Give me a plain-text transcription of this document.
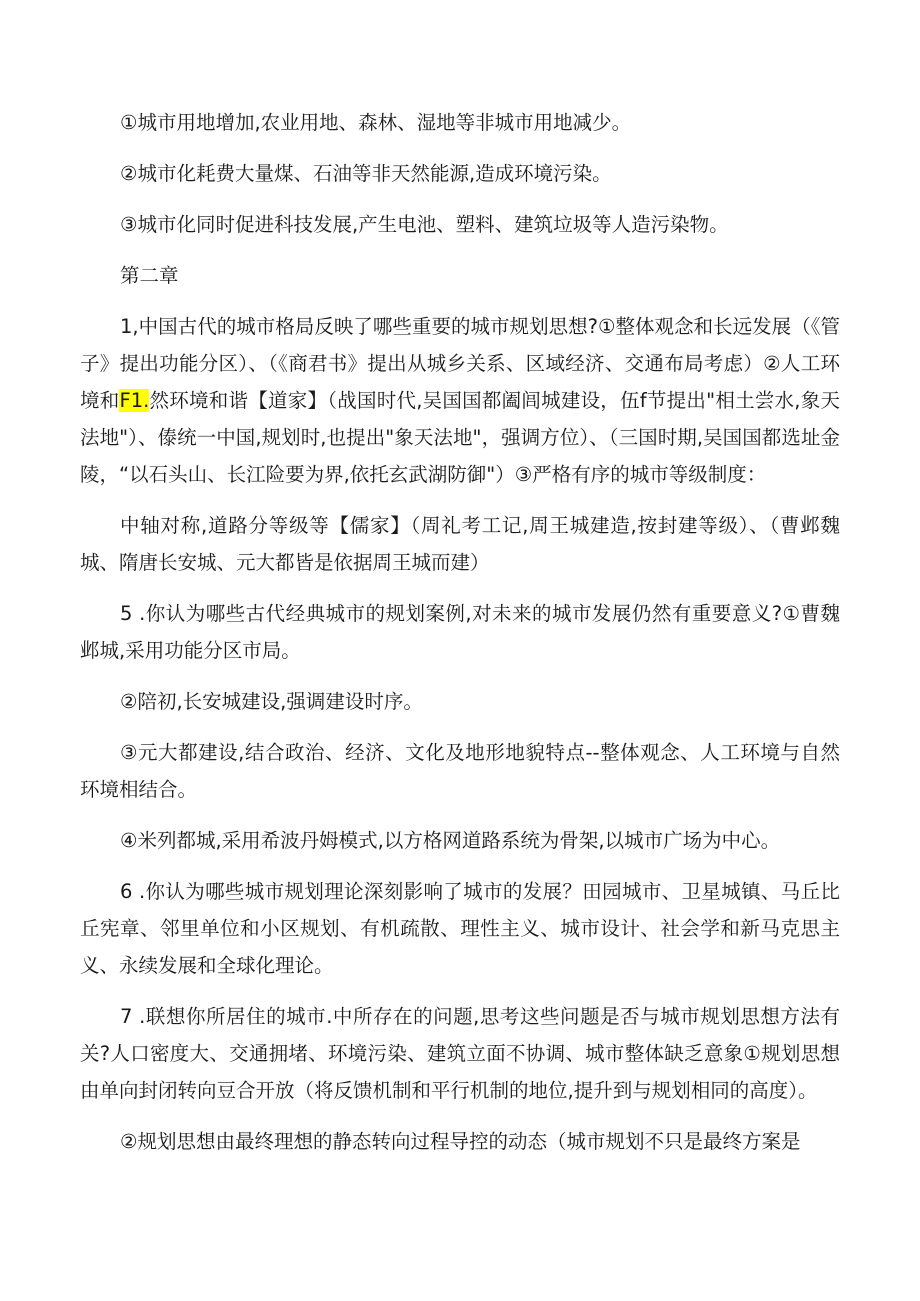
①城市用地增加,农业用地、森林、湿地等非城市用地减少。

②城市化耗费大量煤、石油等非天然能源,造成环境污染。

③城市化同时促进科技发展,产生电池、塑料、建筑垃圾等人造污染物。

第二章

1,中国古代的城市格局反映了哪些重要的城市规划思想?①整体观念和长远发展（《管子》提出功能分区）、（《商君书》提出从城乡关系、区域经济、交通布局考虑）②人工环境和F1.然环境和谐【道家】（战国时代,吴国国都阖闾城建设，伍f节提出"相土尝水,象天法地"）、傣统一中国,规划时,也提出"象天法地"，强调方位）、（三国时期,吴国国都选址金陵，“以石头山、长江险要为界,依托玄武湖防御"）③严格有序的城市等级制度：

中轴对称,道路分等级等【儒家】（周礼考工记,周王城建造,按封建等级）、（曹邺魏城、隋唐长安城、元大都皆是依据周王城而建）

5 .你认为哪些古代经典城市的规划案例,对未来的城市发展仍然有重要意义?①曹魏邺城,采用功能分区市局。

②陪初,长安城建设,强调建设时序。

③元大都建设,结合政治、经济、文化及地形地貌特点--整体观念、人工环境与自然环境相结合。

④米列都城,采用希波丹姆模式,以方格网道路系统为骨架,以城市广场为中心。

6 .你认为哪些城市规划理论深刻影响了城市的发展？田园城市、卫星城镇、马丘比丘宪章、邻里单位和小区规划、有机疏散、理性主义、城市设计、社会学和新马克思主义、永续发展和全球化理论。

7 .联想你所居住的城市.中所存在的问题,思考这些问题是否与城市规划思想方法有关?人口密度大、交通拥堵、环境污染、建筑立面不协调、城市整体缺乏意象①规划思想由单向封闭转向豆合开放（将反馈机制和平行机制的地位,提升到与规划相同的高度）。

②规划思想由最终理想的静态转向过程导控的动态（城市规划不只是最终方案是
